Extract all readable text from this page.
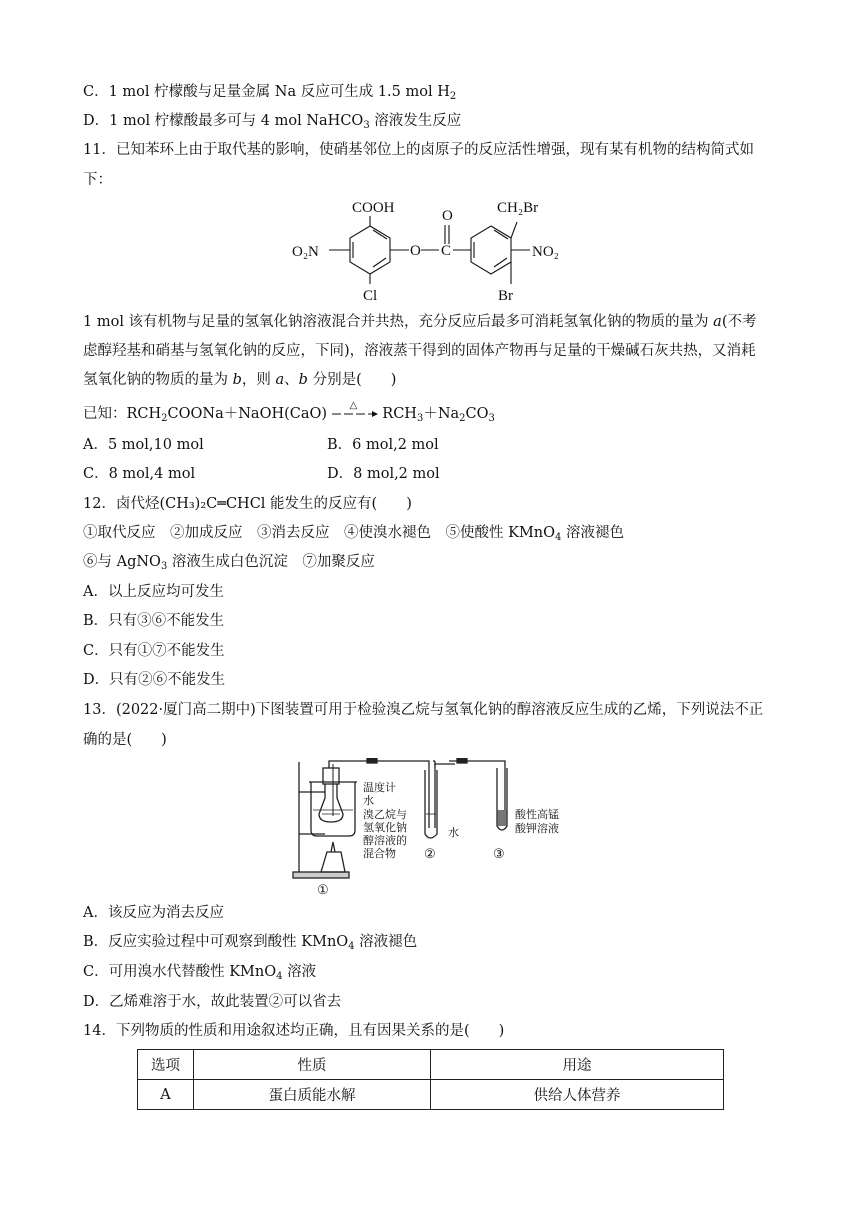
C．1 mol 柠檬酸与足量金属 Na 反应可生成 1.5 mol $H_2$
D．1 mol 柠檬酸最多可与 4 mol NaHCO$_3$ 溶液发生反应
11．已知苯环上由于取代基的影响，使硝基邻位上的卤原子的反应活性增强，现有某有机物的结构简式如
下：
COOH
O₂N
Cl
O
O
C
CH₂Br
NO₂
Br
1 mol 该有机物与足量的氢氧化钠溶液混合并共热，充分反应后最多可消耗氢氧化钠的物质的量为 a(不考
虑醇羟基和硝基与氢氧化钠的反应，下同)，溶液蒸干得到的固体产物再与足量的干燥碱石灰共热，又消耗
氢氧化钠的物质的量为 b，则 a、b 分别是(　　)
已知：$RCH_2COONa+NaOH(CaO)$
△
$RCH_3+Na_2CO_3$
A．5 mol,10 mol	B．6 mol,2 mol
C．8 mol,4 mol	D．8 mol,2 mol
12．卤代烃(CH₃)₂C═CHCl 能发生的反应有(　　)
①取代反应　②加成反应　③消去反应　④使溴水褪色　⑤使酸性 KMnO$_4$ 溶液褪色
⑥与 AgNO$_3$ 溶液生成白色沉淀　⑦加聚反应
A．以上反应均可发生
B．只有③⑥不能发生
C．只有①⑦不能发生
D．只有②⑥不能发生
13．(2022·厦门高二期中)下图装置可用于检验溴乙烷与氢氧化钠的醇溶液反应生成的乙烯，下列说法不正
确的是(　　)
温度计
水
溴乙烷与
氢氧化钠
醇溶液的
混合物
水
酸性高锰
酸钾溶液
①
②	③
A．该反应为消去反应
B．反应实验过程中可观察到酸性 KMnO$_4$ 溶液褪色
C．可用溴水代替酸性 KMnO$_4$ 溶液
D．乙烯难溶于水，故此装置②可以省去
14．下列物质的性质和用途叙述均正确，且有因果关系的是(　　)
选项	性质	用途
A	蛋白质能水解	供给人体营养
